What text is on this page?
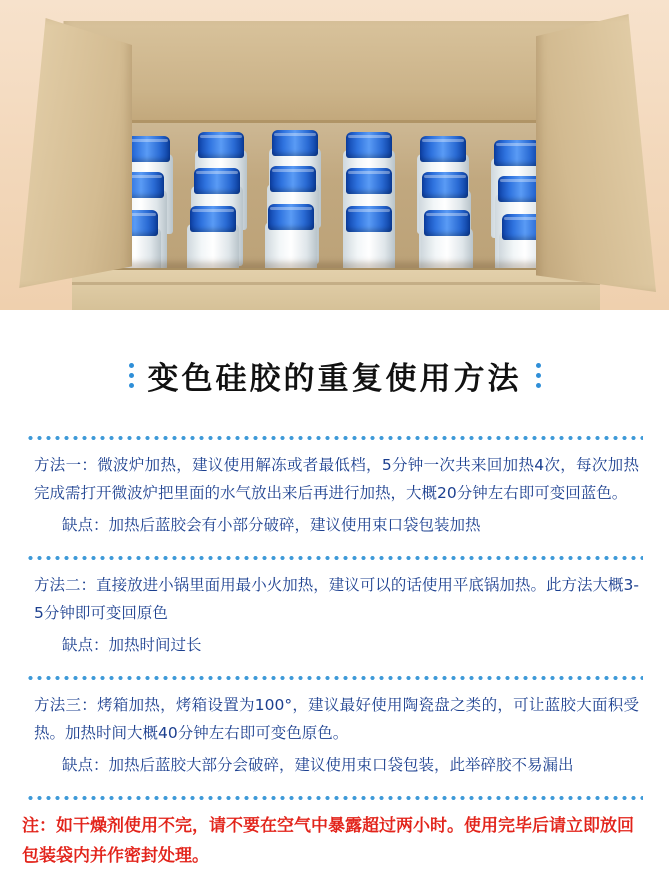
变色硅胶的重复使用方法

方法一：微波炉加热，建议使用解冻或者最低档，5分钟一次共来回加热4次，每次加热完成需打开微波炉把里面的水气放出来后再进行加热，大概20分钟左右即可变回蓝色。

缺点：加热后蓝胶会有小部分破碎，建议使用束口袋包装加热

方法二：直接放进小锅里面用最小火加热，建议可以的话使用平底锅加热。此方法大概3-5分钟即可变回原色

缺点：加热时间过长

方法三：烤箱加热，烤箱设置为100°，建议最好使用陶瓷盘之类的，可让蓝胶大面积受热。加热时间大概40分钟左右即可变色原色。

缺点：加热后蓝胶大部分会破碎，建议使用束口袋包装，此举碎胶不易漏出

注：如干燥剂使用不完，请不要在空气中暴露超过两小时。使用完毕后请立即放回包装袋内并作密封处理。
